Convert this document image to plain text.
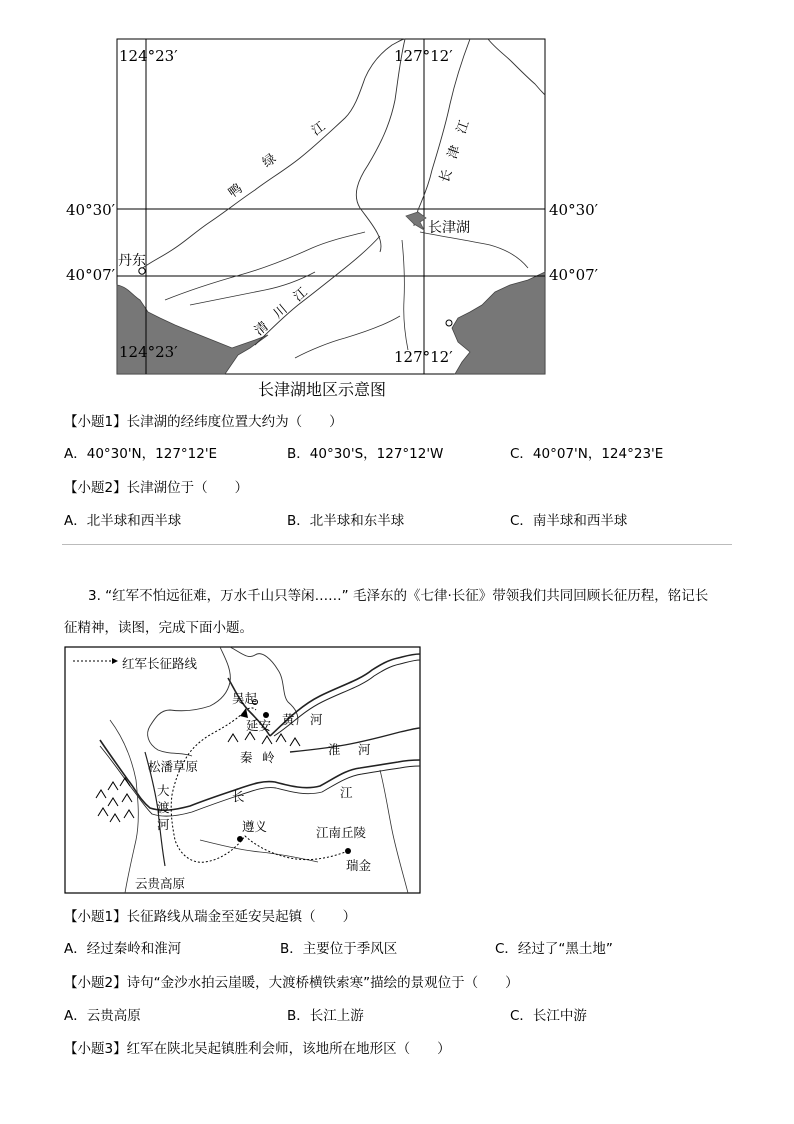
124°23′	127°12′
40°30′	40°30′
40°07′	40°07′
124°23′	127°12′
鸭
绿
江
清
川
江
长
津
江
长津湖
丹东
长津湖地区示意图
【小题1】长津湖的经纬度位置大约为（　　）
A．40°30'N，127°12'E	B．40°30'S，127°12'W	C．40°07'N，124°23'E
【小题2】长津湖位于（　　）
A．北半球和西半球	B．北半球和东半球	C．南半球和西半球
3. “红军不怕远征难，万水千山只等闲……” 毛泽东的《七律·长征》带领我们共同回顾长征历程，铭记长
征精神，读图，完成下面小题。
红军长征路线
吴起
延安 黄 河
淮 河
秦 岭
松潘草原
大
渡
河
长	江
遵义	江南丘陵
瑞金
云贵高原
【小题1】长征路线从瑞金至延安吴起镇（　　）
A．经过秦岭和淮河	B．主要位于季风区	C．经过了“黑土地”
【小题2】诗句“金沙水拍云崖暖，大渡桥横铁索寒”描绘的景观位于（　　）
A．云贵高原	B．长江上游	C．长江中游
【小题3】红军在陕北吴起镇胜利会师，该地所在地形区（　　）
